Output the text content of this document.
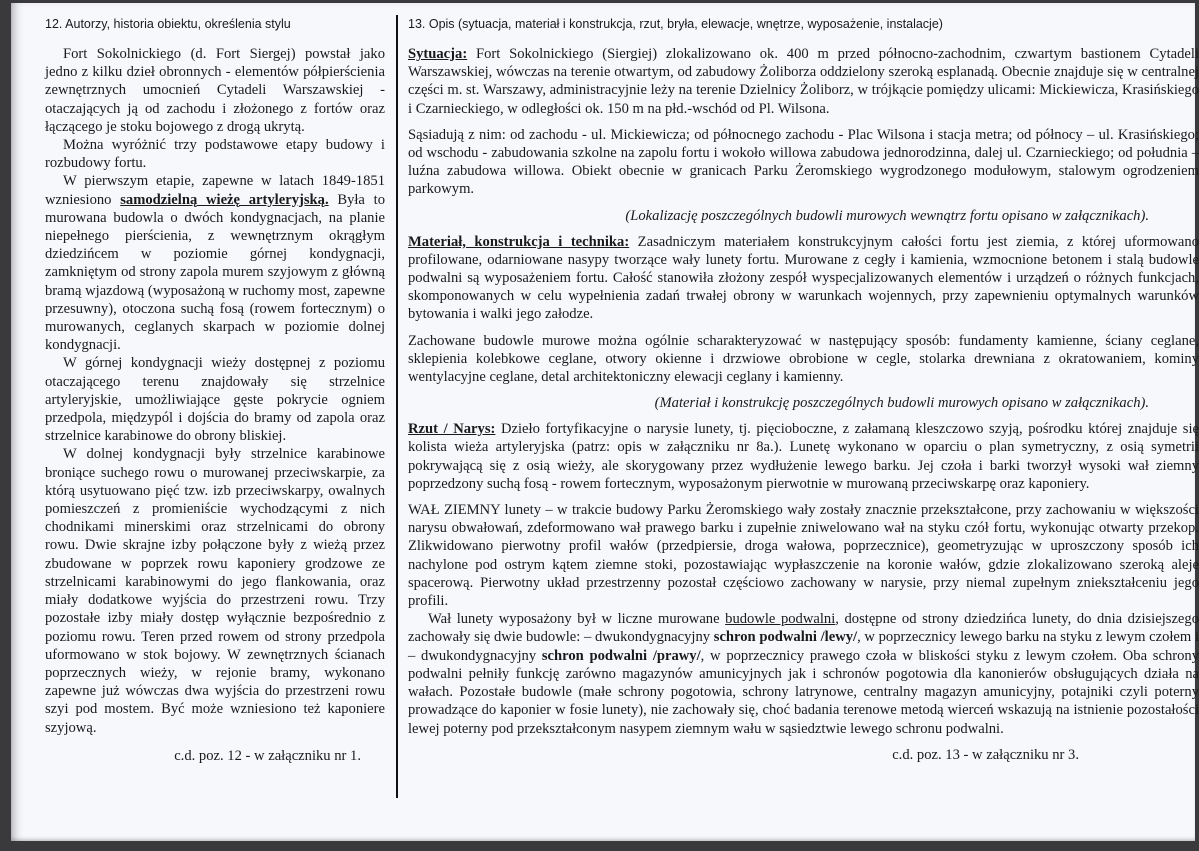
12. Autorzy, historia obiektu, określenia stylu

Fort Sokolnickiego (d. Fort Siergej) powstał jako jedno z kilku dzieł obronnych - elementów półpierścienia zewnętrznych umocnień Cytadeli Warszawskiej - otaczających ją od zachodu i złożonego z fortów oraz łączącego je stoku bojowego z drogą ukrytą.

Można wyróżnić trzy podstawowe etapy budowy i rozbudowy fortu.

W pierwszym etapie, zapewne w latach 1849-1851 wzniesiono samodzielną wieżę artyleryjską. Była to murowana budowla o dwóch kondygnacjach, na planie niepełnego pierścienia, z wewnętrznym okrągłym dziedzińcem w poziomie górnej kondygnacji, zamkniętym od strony zapola murem szyjowym z główną bramą wjazdową (wyposażoną w ruchomy most, zapewne przesuwny), otoczona suchą fosą (rowem fortecznym) o murowanych, ceglanych skarpach w poziomie dolnej kondygnacji.

W górnej kondygnacji wieży dostępnej z poziomu otaczającego terenu znajdowały się strzelnice artyleryjskie, umożliwiające gęste pokrycie ogniem przedpola, międzypól i dojścia do bramy od zapola oraz strzelnice karabinowe do obrony bliskiej.

W dolnej kondygnacji były strzelnice karabinowe broniące suchego rowu o murowanej przeciwskarpie, za którą usytuowano pięć tzw. izb przeciwskarpy, owalnych pomieszczeń z promieniście wychodzącymi z nich chodnikami minerskimi oraz strzelnicami do obrony rowu. Dwie skrajne izby połączone były z wieżą przez zbudowane w poprzek rowu kaponiery grodzowe ze strzelnicami karabinowymi do jego flankowania, oraz miały dodatkowe wyjścia do przestrzeni rowu. Trzy pozostałe izby miały dostęp wyłącznie bezpośrednio z poziomu rowu. Teren przed rowem od strony przedpola uformowano w stok bojowy. W zewnętrznych ścianach poprzecznych wieży, w rejonie bramy, wykonano zapewne już wówczas dwa wyjścia do przestrzeni rowu szyi pod mostem. Być może wzniesiono też kaponiere szyjową.

c.d. poz. 12 - w załączniku nr 1.
13. Opis (sytuacja, materiał i konstrukcja, rzut, bryła, elewacje, wnętrze, wyposażenie, instalacje)

Sytuacja: Fort Sokolnickiego (Siergiej) zlokalizowano ok. 400 m przed północno-zachodnim, czwartym bastionem Cytadeli Warszawskiej, wówczas na terenie otwartym, od zabudowy Żoliborza oddzielony szeroką esplanadą. Obecnie znajduje się w centralnej części m. st. Warszawy, administracyjnie leży na terenie Dzielnicy Żoliborz, w trójkącie pomiędzy ulicami: Mickiewicza, Krasińskiego i Czarnieckiego, w odległości ok. 150 m na płd.-wschód od Pl. Wilsona.

Sąsiadują z nim: od zachodu - ul. Mickiewicza; od północnego zachodu - Plac Wilsona i stacja metra; od północy – ul. Krasińskiego; od wschodu - zabudowania szkolne na zapolu fortu i wokoło willowa zabudowa jednorodzinna, dalej ul. Czarnieckiego; od południa – luźna zabudowa willowa. Obiekt obecnie w granicach Parku Żeromskiego wygrodzonego modułowym, stalowym ogrodzeniem parkowym.

(Lokalizację poszczególnych budowli murowych wewnątrz fortu opisano w załącznikach).

Materiał, konstrukcja i technika: Zasadniczym materiałem konstrukcyjnym całości fortu jest ziemia, z której uformowano profilowane, odarniowane nasypy tworzące wały lunety fortu. Murowane z cegły i kamienia, wzmocnione betonem i stalą budowle podwalni są wyposażeniem fortu. Całość stanowiła złożony zespół wyspecjalizowanych elementów i urządzeń o różnych funkcjach, skomponowanych w celu wypełnienia zadań trwałej obrony w warunkach wojennych, przy zapewnieniu optymalnych warunków bytowania i walki jego załodze.

Zachowane budowle murowe można ogólnie scharakteryzować w następujący sposób: fundamenty kamienne, ściany ceglane, sklepienia kolebkowe ceglane, otwory okienne i drzwiowe obrobione w cegle, stolarka drewniana z okratowaniem, kominy wentylacyjne ceglane, detal architektoniczny elewacji ceglany i kamienny.

(Materiał i konstrukcję poszczególnych budowli murowych opisano w załącznikach).

Rzut / Narys: Dzieło fortyfikacyjne o narysie lunety, tj. pięcioboczne, z załamaną kleszczowo szyją, pośrodku której znajduje się kolista wieża artyleryjska (patrz: opis w załączniku nr 8a.). Lunetę wykonano w oparciu o plan symetryczny, z osią symetrii pokrywającą się z osią wieży, ale skorygowany przez wydłużenie lewego barku. Jej czoła i barki tworzył wysoki wał ziemny poprzedzony suchą fosą - rowem fortecznym, wyposażonym pierwotnie w murowaną przeciwskarpę oraz kaponiery.

WAŁ ZIEMNY lunety – w trakcie budowy Parku Żeromskiego wały zostały znacznie przekształcone, przy zachowaniu w większości narysu obwałowań, zdeformowano wał prawego barku i zupełnie zniwelowano wał na styku czół fortu, wykonując otwarty przekop. Zlikwidowano pierwotny profil wałów (przedpiersie, droga wałowa, poprzecznice), geometryzując w uproszczony sposób ich nachylone pod ostrym kątem ziemne stoki, pozostawiając wypłaszczenie na koronie wałów, gdzie zlokalizowano szeroką aleje spacerową. Pierwotny układ przestrzenny pozostał częściowo zachowany w narysie, przy niemal zupełnym zniekształceniu jego profili.

Wał lunety wyposażony był w liczne murowane budowle podwalni, dostępne od strony dziedzińca lunety, do dnia dzisiejszego zachowały się dwie budowle: – dwukondygnacyjny schron podwalni /lewy/, w poprzecznicy lewego barku na styku z lewym czołem i – dwukondygnacyjny schron podwalni /prawy/, w poprzecznicy prawego czoła w bliskości styku z lewym czołem. Oba schrony podwalni pełniły funkcję zarówno magazynów amunicyjnych jak i schronów pogotowia dla kanonierów obsługujących działa na wałach. Pozostałe budowle (małe schrony pogotowia, schrony latrynowe, centralny magazyn amunicyjny, potajniki czyli poterny prowadzące do kaponier w fosie lunety), nie zachowały się, choć badania terenowe metodą wierceń wskazują na istnienie pozostałości lewej poterny pod przekształconym nasypem ziemnym wału w sąsiedztwie lewego schronu podwalni.

c.d. poz. 13 - w załączniku nr 3.
